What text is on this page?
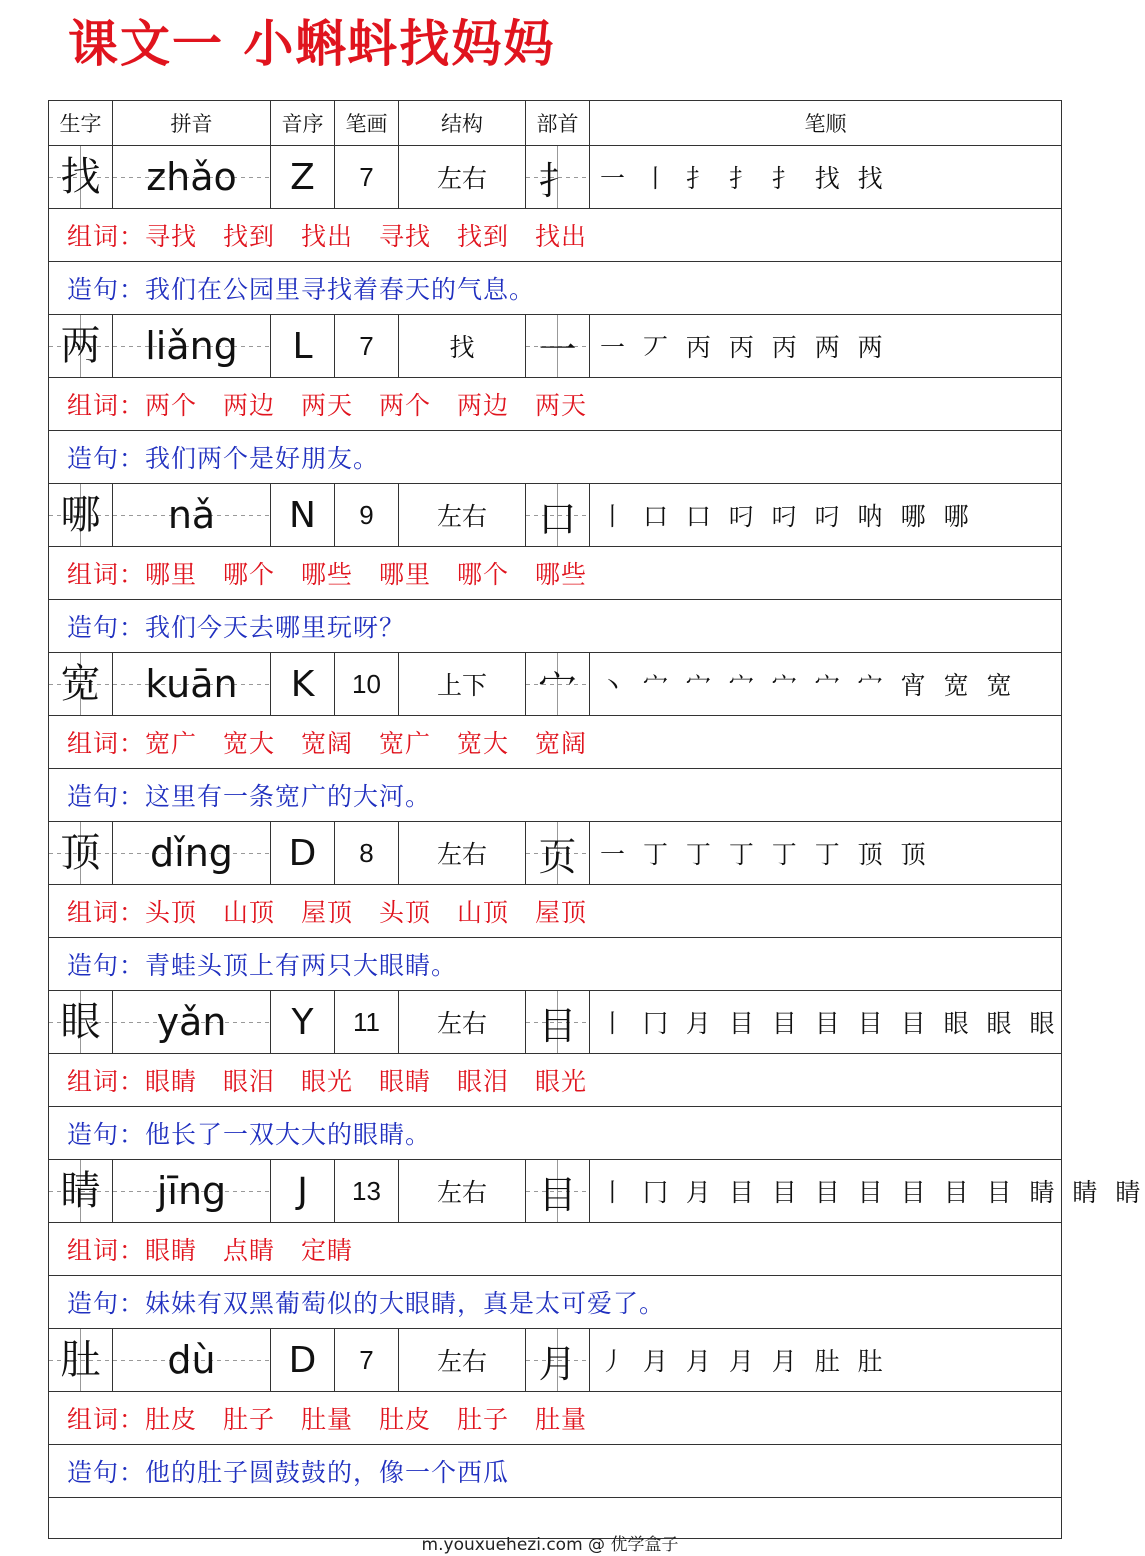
课文一 小蝌蚪找妈妈
生字	拼音	音序	笔画	结构	部首	笔顺
找	zhǎo	Z	7	左右	扌	一 丨 扌 扌 扌 找 找
组词：寻找　找到　找出　寻找　找到　找出						
造句：我们在公园里寻找着春天的气息。						
两	liǎng	L	7	找	一	一 丆 丙 丙 丙 两 两
组词：两个　两边　两天　两个　两边　两天						
造句：我们两个是好朋友。						
哪	nǎ	N	9	左右	口	丨 口 口 叼 叼 叼 呐 哪 哪
组词：哪里　哪个　哪些　哪里　哪个　哪些						
造句：我们今天去哪里玩呀？						
宽	kuān	K	10	上下	宀	丶 宀 宀 宀 宀 宀 宀 宵 宽 宽
组词：宽广　宽大　宽阔　宽广　宽大　宽阔						
造句：这里有一条宽广的大河。						
顶	dǐng	D	8	左右	页	一 丁 丁 丁 丁 丁 顶 顶
组词：头顶　山顶　屋顶　头顶　山顶　屋顶						
造句：青蛙头顶上有两只大眼睛。						
眼	yǎn	Y	11	左右	目	丨 冂 月 目 目 目 目 目 眼 眼 眼
组词：眼睛　眼泪　眼光　眼睛　眼泪　眼光						
造句：他长了一双大大的眼睛。						
睛	jīng	J	13	左右	目	丨 冂 月 目 目 目 目 目 目 目 睛 睛 睛
组词：眼睛　点睛　定睛						
造句：妹妹有双黑葡萄似的大眼睛，真是太可爱了。						
肚	dù	D	7	左右	月	丿 月 月 月 月 肚 肚
组词：肚皮　肚子　肚量　肚皮　肚子　肚量						
造句：他的肚子圆鼓鼓的，像一个西瓜						

m.youxuehezi.com @ 优学盒子
